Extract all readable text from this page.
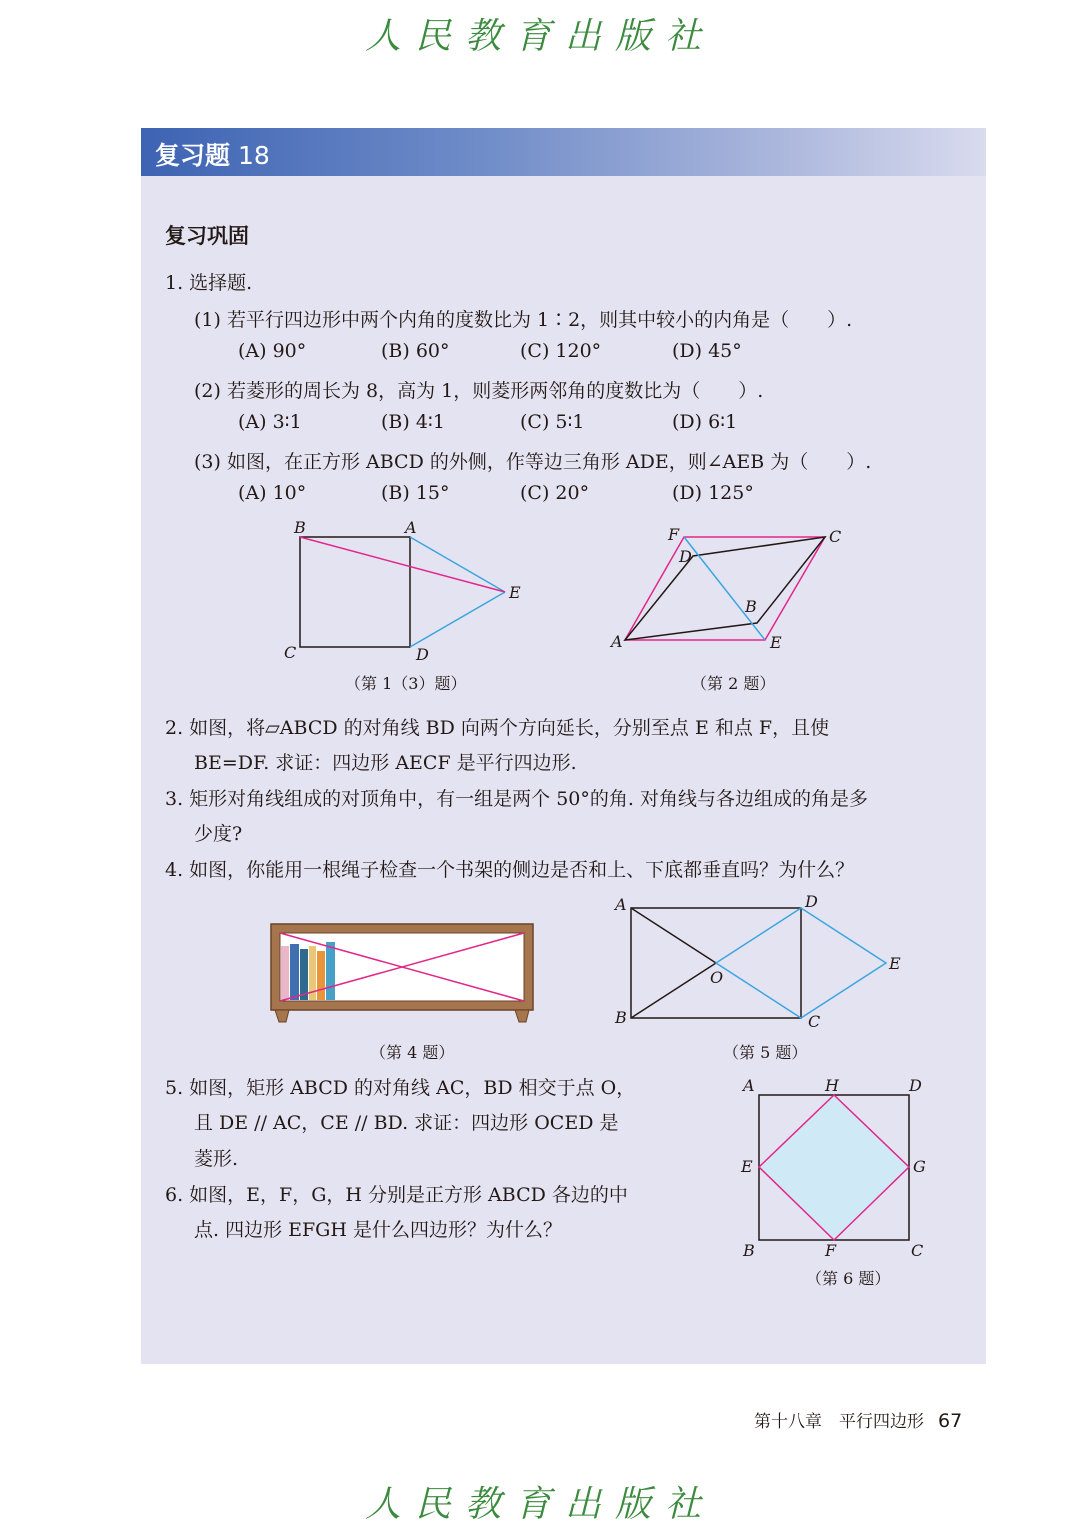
人民教育出版社
复习题 18
复习巩固
1. 选择题.
(1) 若平行四边形中两个内角的度数比为 1∶2，则其中较小的内角是（　　）.
(A) 90°	(B) 60°	(C) 120°	(D) 45°
(2) 若菱形的周长为 8，高为 1，则菱形两邻角的度数比为（　　）.
(A) 3∶1	(B) 4∶1	(C) 5∶1	(D) 6∶1
(3) 如图，在正方形 ABCD 的外侧，作等边三角形 ADE，则∠AEB 为（　　）.
(A) 10°	(B) 15°	(C) 20°	(D) 125°
B	A
C	D
E
（第 1（3）题）
F	C
D
B
A	E
（第 2 题）
2. 如图，将▱ABCD 的对角线 BD 向两个方向延长，分别至点 E 和点 F，且使
BE=DF. 求证：四边形 AECF 是平行四边形.
3. 矩形对角线组成的对顶角中，有一组是两个 50°的角. 对角线与各边组成的角是多
少度?
4. 如图，你能用一根绳子检查一个书架的侧边是否和上、下底都垂直吗？为什么？
（第 4 题）
A	D
E
O
B	C
（第 5 题）
5. 如图，矩形 ABCD 的对角线 AC，BD 相交于点 O，
且 DE // AC，CE // BD. 求证：四边形 OCED 是
菱形.
6. 如图，E，F，G，H 分别是正方形 ABCD 各边的中
点. 四边形 EFGH 是什么四边形？为什么？
A	H	D
E	G
B	F	C
（第 6 题）
第十八章　平行四边形 67
人民教育出版社
